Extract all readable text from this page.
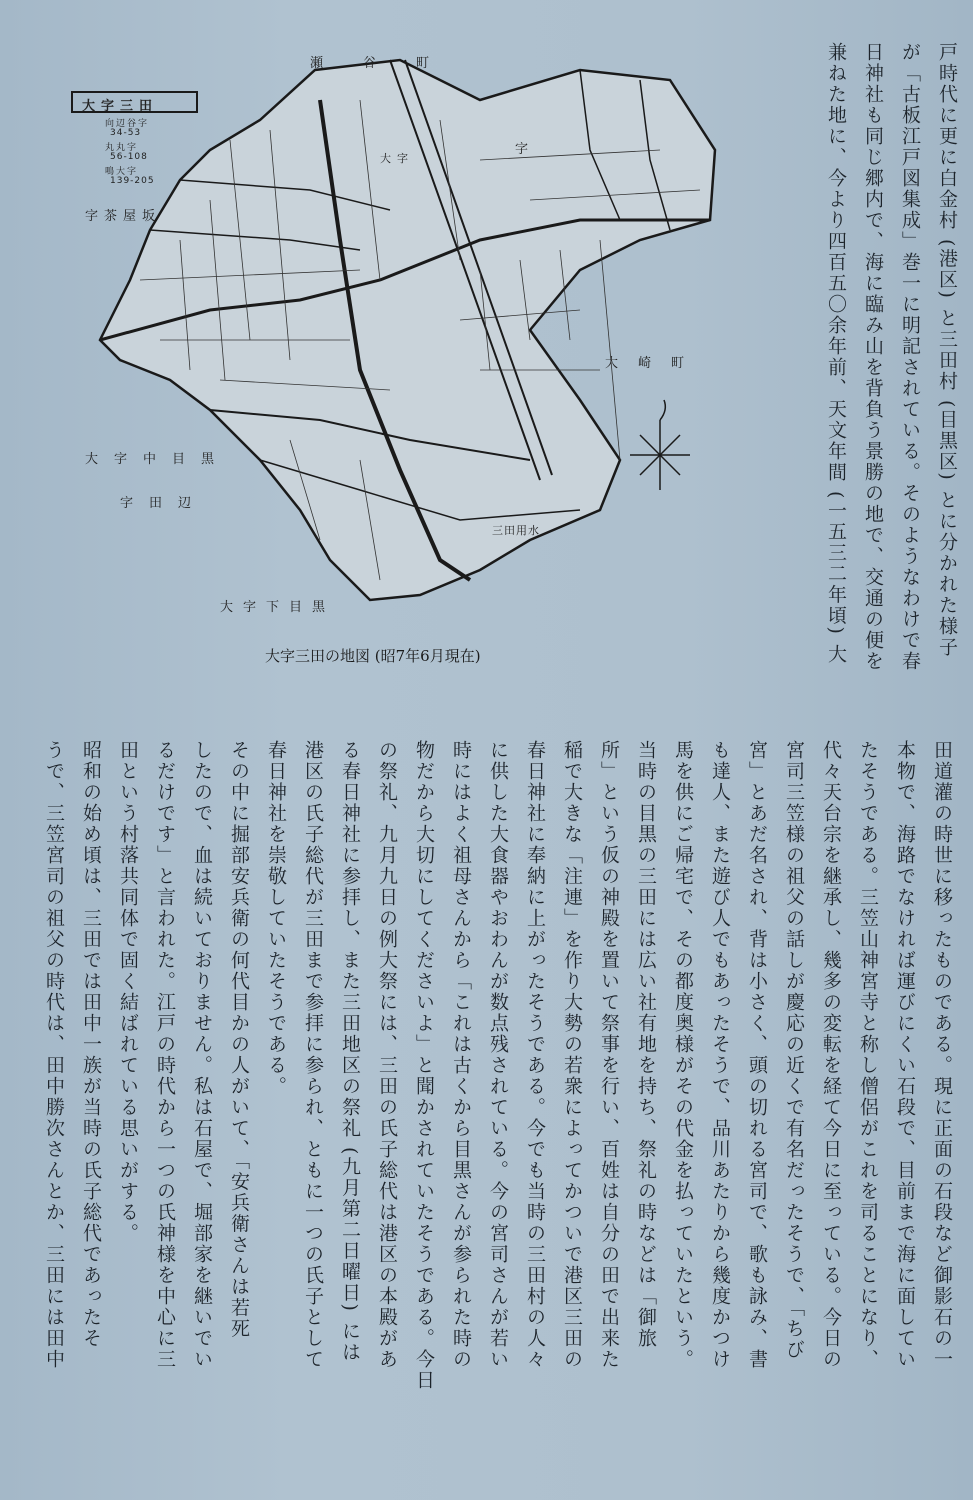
大字三田
向辺谷字
34-53
丸丸字
56-108
鳴大字
139-205
瀬谷町
字茶屋坂
大崎町
大字中目黒
字田辺
大字下目黒
三田用水
字
大字
大字三田の地図 (昭7年6月現在)	戸時代に更に白金村 (港区) と三田村 (目黒区) とに分かれた様子
が「古板江戸図集成」巻一に明記されている。そのようなわけで春
日神社も同じ郷内で、海に臨み山を背負う景勝の地で、交通の便を
兼ねた地に、今より四百五〇余年前、天文年間 (一五三二年頃) 大
田道灌の時世に移ったものである。現に正面の石段など御影石の一
本物で、海路でなければ運びにくい石段で、目前まで海に面してい
たそうである。三笠山神宮寺と称し僧侶がこれを司ることになり、
代々天台宗を継承し、幾多の変転を経て今日に至っている。今日の
宮司三笠様の祖父の話しが慶応の近くで有名だったそうで、「ちび
宮」とあだ名され、背は小さく、頭の切れる宮司で、歌も詠み、書
も達人、また遊び人でもあったそうで、品川あたりから幾度かつけ
馬を供にご帰宅で、その都度奥様がその代金を払っていたという。
当時の目黒の三田には広い社有地を持ち、祭礼の時などは「御旅
所」という仮の神殿を置いて祭事を行い、百姓は自分の田で出来た
稲で大きな「注連」を作り大勢の若衆によってかついで港区三田の
春日神社に奉納に上がったそうである。今でも当時の三田村の人々
に供した大食器やおわんが数点残されている。今の宮司さんが若い
時にはよく祖母さんから「これは古くから目黒さんが参られた時の
物だから大切にしてくださいよ」と聞かされていたそうである。今日
の祭礼、九月九日の例大祭には、三田の氏子総代は港区の本殿があ
る春日神社に参拝し、また三田地区の祭礼 (九月第二日曜日) には
港区の氏子総代が三田まで参拝に参られ、ともに一つの氏子として
春日神社を崇敬していたそうである。
その中に掘部安兵衛の何代目かの人がいて、「安兵衛さんは若死
したので、血は続いておりません。私は石屋で、堀部家を継いでい
るだけです」と言われた。江戸の時代から一つの氏神様を中心に三
田という村落共同体で固く結ばれている思いがする。
昭和の始め頃は、三田では田中一族が当時の氏子総代であったそ
うで、三笠宮司の祖父の時代は、田中勝次さんとか、三田には田中
